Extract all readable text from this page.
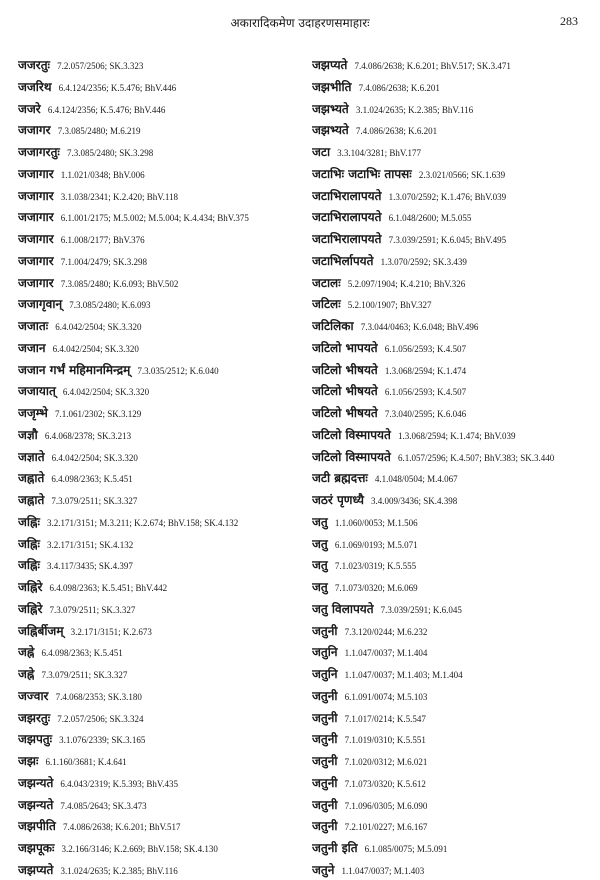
अकारादिकमेण उदाहरणसमाहारः	283
जजरतुः 7.2.057/2506; SK.3.323
जजरिथ 6.4.124/2356; K.5.476; BhV.446
जजरे 6.4.124/2356; K.5.476; BhV.446
जजागर 7.3.085/2480; M.6.219
जजागरतुः 7.3.085/2480; SK.3.298
जजागार 1.1.021/0348; BhV.006
जजागार 3.1.038/2341; K.2.420; BhV.118
जजागार 6.1.001/2175; M.5.002; M.5.004; K.4.434; BhV.375
जजागार 6.1.008/2177; BhV.376
जजागार 7.1.004/2479; SK.3.298
जजागार 7.3.085/2480; K.6.093; BhV.502
जजागृवान् 7.3.085/2480; K.6.093
जजातः 6.4.042/2504; SK.3.320
जजान 6.4.042/2504; SK.3.320
जजान गर्भं महिमानमिन्द्रम् 7.3.035/2512; K.6.040
जजायात् 6.4.042/2504; SK.3.320
जजृम्भे 7.1.061/2302; SK.3.129
जज्ञौ 6.4.068/2378; SK.3.213
जज्ञाते 6.4.042/2504; SK.3.320
जह्नाते 6.4.098/2363; K.5.451
जह्नाते 7.3.079/2511; SK.3.327
जह्निः 3.2.171/3151; M.3.211; K.2.674; BhV.158; SK.4.132
जह्निः 3.2.171/3151; SK.4.132
जह्निः 3.4.117/3435; SK.4.397
जह्निरे 6.4.098/2363; K.5.451; BhV.442
जह्निरे 7.3.079/2511; SK.3.327
जह्निर्बीजम् 3.2.171/3151; K.2.673
जह्ने 6.4.098/2363; K.5.451
जह्ने 7.3.079/2511; SK.3.327
जज्वार 7.4.068/2353; SK.3.180
जझरतुः 7.2.057/2506; SK.3.324
जझपतुः 3.1.076/2339; SK.3.165
जझः 6.1.160/3681; K.4.641
जझन्यते 6.4.043/2319; K.5.393; BhV.435
जझन्यते 7.4.085/2643; SK.3.473
जझपीति 7.4.086/2638; K.6.201; BhV.517
जझपूकः 3.2.166/3146; K.2.669; BhV.158; SK.4.130
जझप्यते 3.1.024/2635; K.2.385; BhV.116
जझप्यते 7.4.086/2638; K.6.201; BhV.517; SK.3.471
जझभीति 7.4.086/2638; K.6.201
जझभ्यते 3.1.024/2635; K.2.385; BhV.116
जझभ्यते 7.4.086/2638; K.6.201
जटा 3.3.104/3281; BhV.177
जटाभिः जटाभिः तापसः 2.3.021/0566; SK.1.639
जटाभिरालापयते 1.3.070/2592; K.1.476; BhV.039
जटाभिरालापयते 6.1.048/2600; M.5.055
जटाभिरालापयते 7.3.039/2591; K.6.045; BhV.495
जटाभिर्लापयते 1.3.070/2592; SK.3.439
जटालः 5.2.097/1904; K.4.210; BhV.326
जटिलः 5.2.100/1907; BhV.327
जटिलिका 7.3.044/0463; K.6.048; BhV.496
जटिलो भापयते 6.1.056/2593; K.4.507
जटिलो भीषयते 1.3.068/2594; K.1.474
जटिलो भीषयते 6.1.056/2593; K.4.507
जटिलो भीषयते 7.3.040/2595; K.6.046
जटिलो विस्मापयते 1.3.068/2594; K.1.474; BhV.039
जटिलो विस्मापयते 6.1.057/2596; K.4.507; BhV.383; SK.3.440
जटी ब्रह्मदत्तः 4.1.048/0504; M.4.067
जठरं पृणध्यै 3.4.009/3436; SK.4.398
जतु 1.1.060/0053; M.1.506
जतु 6.1.069/0193; M.5.071
जतु 7.1.023/0319; K.5.555
जतु 7.1.073/0320; M.6.069
जतु विलापयते 7.3.039/2591; K.6.045
जतुनी 7.3.120/0244; M.6.232
जतुनि 1.1.047/0037; M.1.404
जतुनि 1.1.047/0037; M.1.403; M.1.404
जतुनी 6.1.091/0074; M.5.103
जतुनी 7.1.017/0214; K.5.547
जतुनी 7.1.019/0310; K.5.551
जतुनी 7.1.020/0312; M.6.021
जतुनी 7.1.073/0320; K.5.612
जतुनी 7.1.096/0305; M.6.090
जतुनी 7.2.101/0227; M.6.167
जतुनी इति 6.1.085/0075; M.5.091
जतुने 1.1.047/0037; M.1.403
